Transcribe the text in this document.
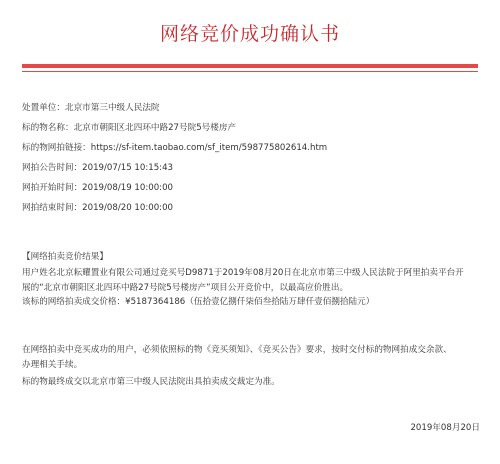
网络竞价成功确认书
处置单位：北京市第三中级人民法院
标的物名称：北京市朝阳区北四环中路27号院5号楼房产
标的物网拍链接：https://sf-item.taobao.com/sf_item/598775802614.htm
网拍公告时间：2019/07/15 10:15:43
网拍开始时间：2019/08/19 10:00:00
网拍结束时间：2019/08/20 10:00:00
【网络拍卖竞价结果】
用户姓名北京耘耀置业有限公司通过竞买号D9871于2019年08月20日在北京市第三中级人民法院于阿里拍卖平台开
展的“北京市朝阳区北四环中路27号院5号楼房产”项目公开竞价中，以最高应价胜出。
该标的网络拍卖成交价格：¥5187364186（伍拾壹亿捌仟柒佰叁拾陆万肆仟壹佰捌拾陆元）
在网络拍卖中竞买成功的用户，必须依照标的物《竞买须知》、《竞买公告》要求，按时交付标的物网拍成交余款、
办理相关手续。
标的物最终成交以北京市第三中级人民法院出具拍卖成交裁定为准。
2019年08月20日
